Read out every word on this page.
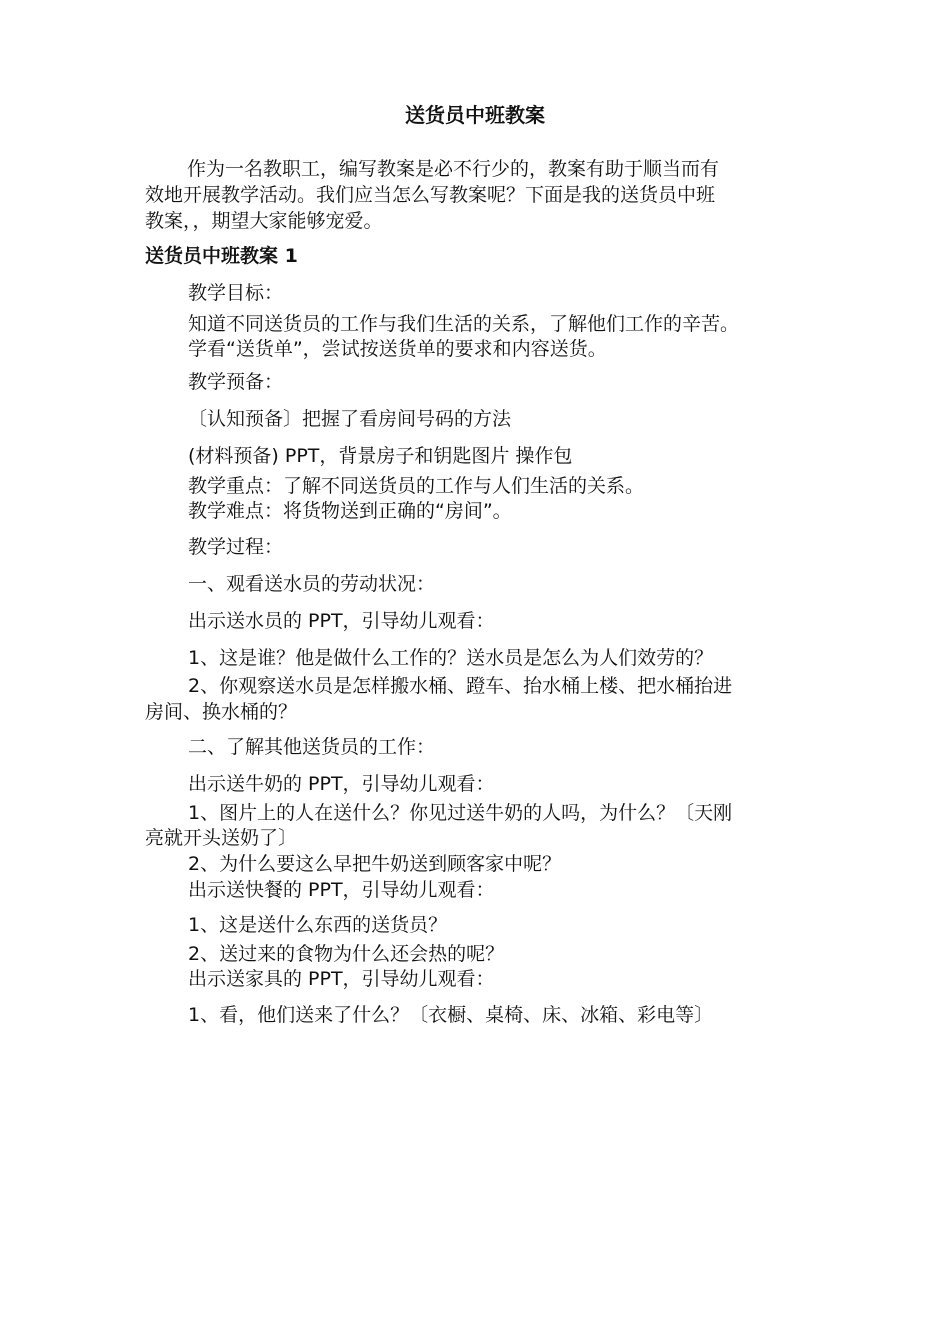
送货员中班教案

作为一名教职工，编写教案是必不行少的，教案有助于顺当而有
效地开展教学活动。我们应当怎么写教案呢？下面是我的送货员中班
教案，，期望大家能够宠爱。

送货员中班教案 1

教学目标：

知道不同送货员的工作与我们生活的关系，了解他们工作的辛苦。

学看“送货单”，尝试按送货单的要求和内容送货。

教学预备：

〔认知预备〕把握了看房间号码的方法

(材料预备) PPT，背景房子和钥匙图片 操作包

教学重点：了解不同送货员的工作与人们生活的关系。

教学难点：将货物送到正确的“房间”。

教学过程：

一、观看送水员的劳动状况：

出示送水员的 PPT，引导幼儿观看：

1、这是谁？他是做什么工作的？送水员是怎么为人们效劳的？

2、你观察送水员是怎样搬水桶、蹬车、抬水桶上楼、把水桶抬进

房间、换水桶的？

二、了解其他送货员的工作：

出示送牛奶的 PPT，引导幼儿观看：

1、图片上的人在送什么？你见过送牛奶的人吗，为什么？〔天刚

亮就开头送奶了〕

2、为什么要这么早把牛奶送到顾客家中呢？

出示送快餐的 PPT，引导幼儿观看：

1、这是送什么东西的送货员？

2、送过来的食物为什么还会热的呢？

出示送家具的 PPT，引导幼儿观看：

1、看，他们送来了什么？〔衣橱、桌椅、床、冰箱、彩电等〕
